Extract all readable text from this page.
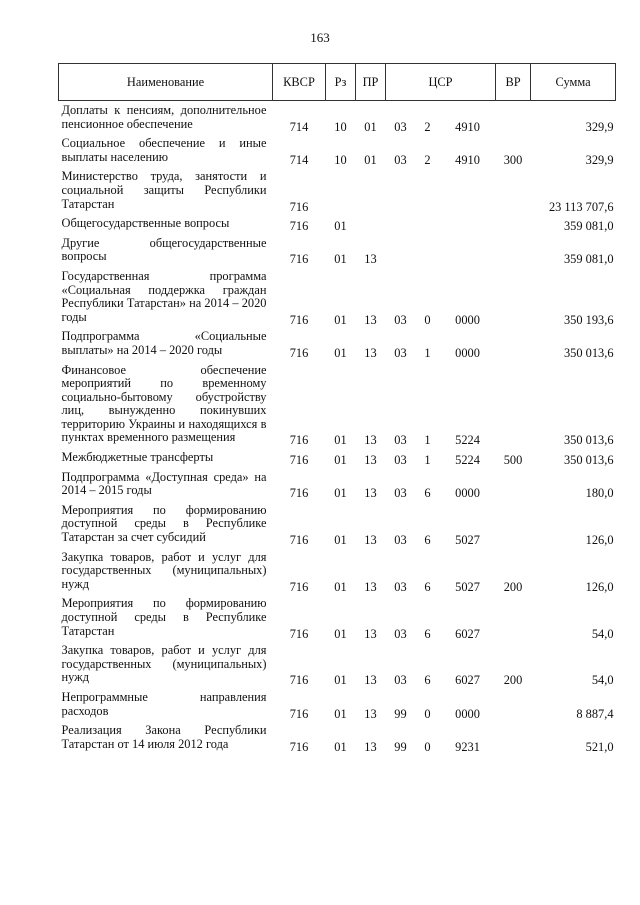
163
Наименование	КВСР	Рз	ПР	ЦСР			ВР	Сумма
Доплаты к пенсиям, дополнительное пенсионное обеспечение	714	10	01	03	2	4910		329,9
Социальное обеспечение и иные выплаты населению	714	10	01	03	2	4910	300	329,9
Министерство труда, занятости и социальной защиты Республики Татарстан	716							23 113 707,6
Общегосударственные вопросы	716	01						359 081,0
Другие общегосударственные вопросы	716	01	13					359 081,0
Государственная программа «Социальная поддержка граждан Республики Татарстан» на 2014 – 2020 годы	716	01	13	03	0	0000		350 193,6
Подпрограмма «Социальные выплаты» на 2014 – 2020 годы	716	01	13	03	1	0000		350 013,6
Финансовое обеспечение мероприятий по временному социально-бытовому обустройству лиц, вынужденно покинувших территорию Украины и находящихся в пунктах временного размещения	716	01	13	03	1	5224		350 013,6
Межбюджетные трансферты	716	01	13	03	1	5224	500	350 013,6
Подпрограмма «Доступная среда» на 2014 – 2015 годы	716	01	13	03	6	0000		180,0
Мероприятия по формированию доступной среды в Республике Татарстан за счет субсидий	716	01	13	03	6	5027		126,0
Закупка товаров, работ и услуг для государственных (муниципальных) нужд	716	01	13	03	6	5027	200	126,0
Мероприятия по формированию доступной среды в Республике Татарстан	716	01	13	03	6	6027		54,0
Закупка товаров, работ и услуг для государственных (муниципальных) нужд	716	01	13	03	6	6027	200	54,0
Непрограммные направления расходов	716	01	13	99	0	0000		8 887,4
Реализация Закона Республики Татарстан от 14 июля 2012 года	716	01	13	99	0	9231		521,0
